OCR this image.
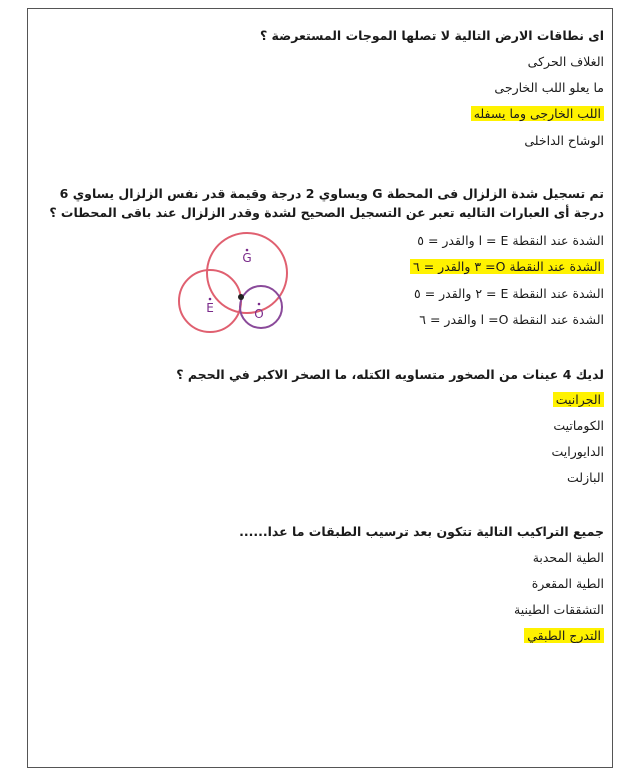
اى نطاقات الارض التالية لا تصلها الموجات المستعرضة ؟
الغلاف الحركى
ما يعلو اللب الخارجى
اللب الخارجى وما يسفله
الوشاح الداخلى
تم تسجيل شدة الزلزال فى المحطة G ويساوي 2 درجة وقيمة قدر نفس الزلزال يساوي 6 درجة أى العبارات التاليه تعبر عن التسجيل الصحيح لشدة وقدر الزلزال عند باقى المحطات ؟
الشدة عند النقطة E = ا والقدر = ٥
الشدة عند النقطة O= ٣ والقدر = ٦
الشدة عند النقطة E = ٢ والقدر = ٥
الشدة عند النقطة O= ا والقدر = ٦
G
E	O
لديك 4 عينات من الصخور متساويه الكتله، ما الصخر الاكبر في الحجم ؟
الجرانيت
الكوماتيت
الدايورايت
البازلت
جميع التراكيب التالية تتكون بعد ترسيب الطبقات ما عدا......
الطية المحدبة
الطية المقعرة
التشققات الطينية
التدرج الطبقي
